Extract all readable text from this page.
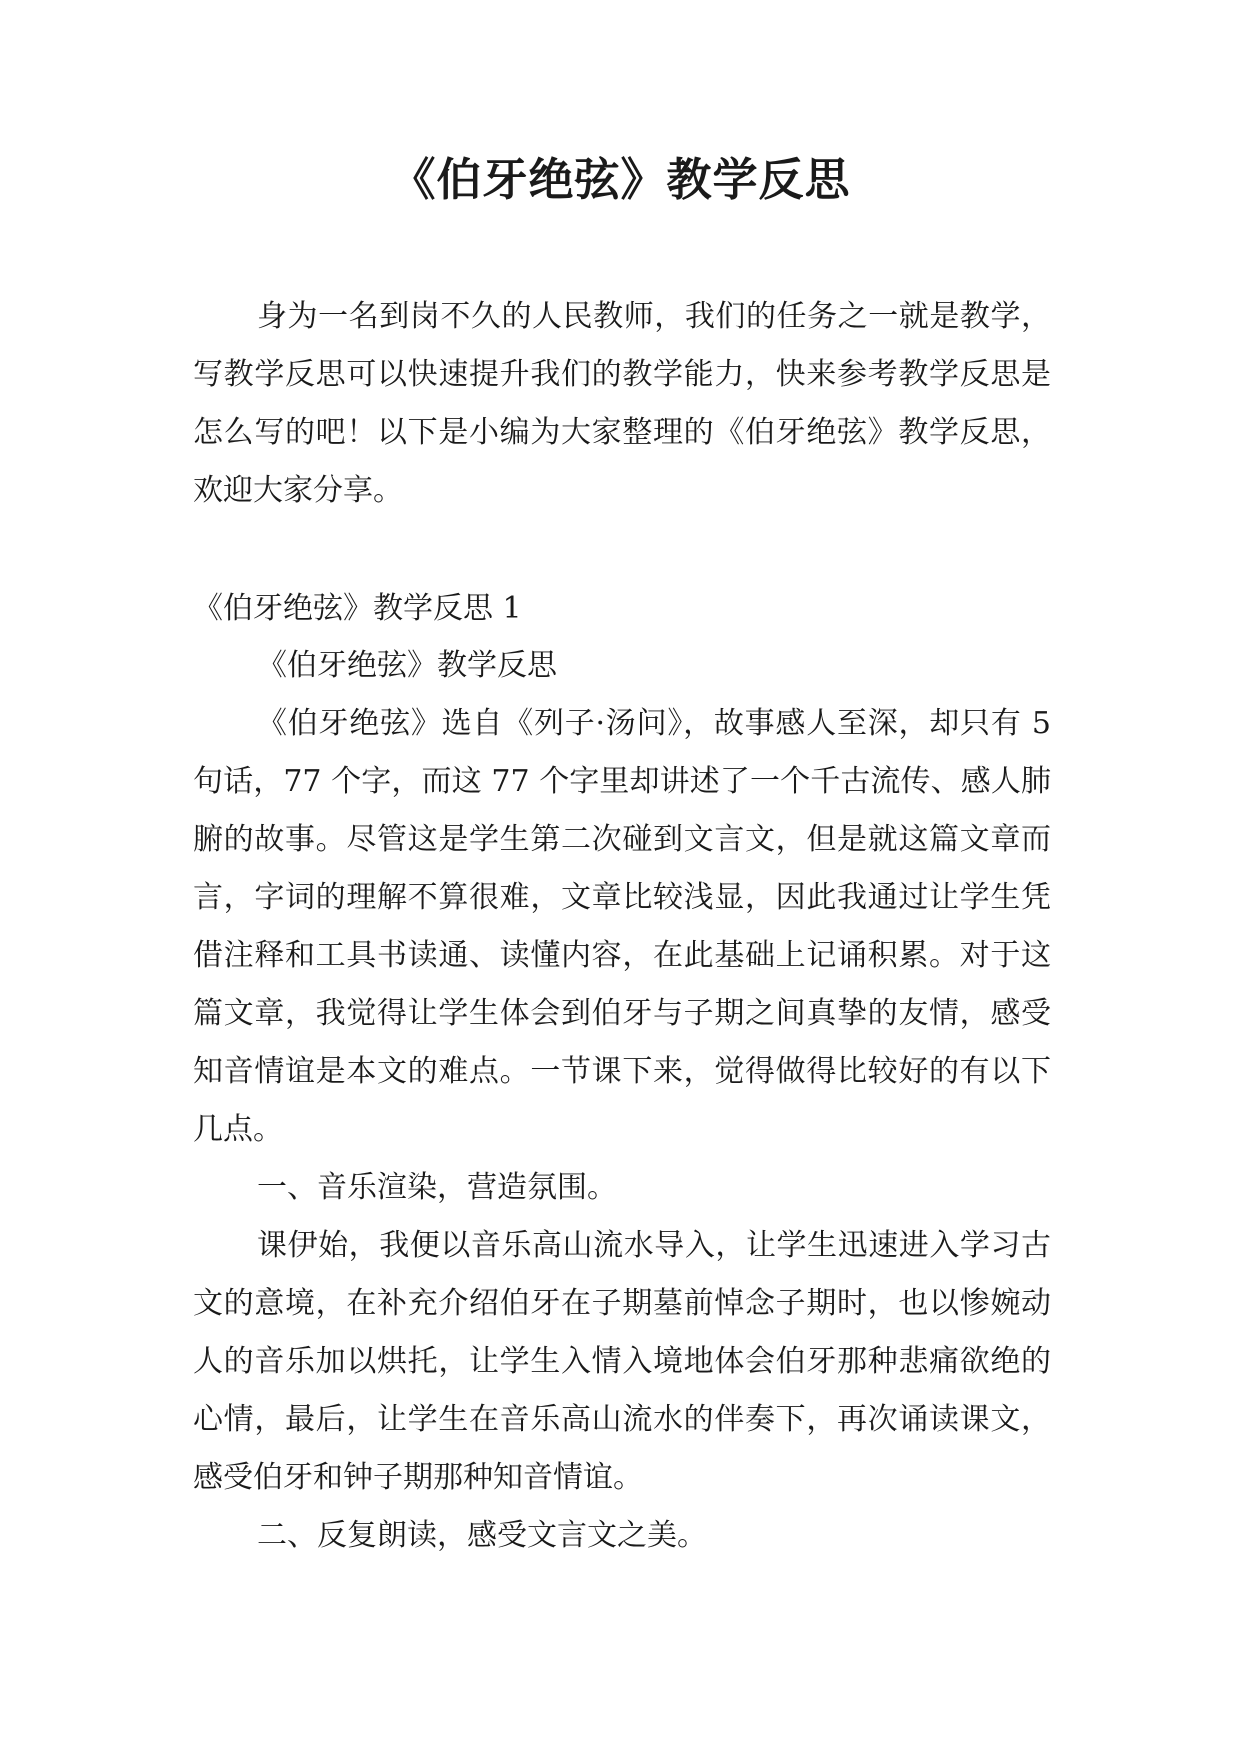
《伯牙绝弦》教学反思

身为一名到岗不久的人民教师，我们的任务之一就是教学，写教学反思可以快速提升我们的教学能力，快来参考教学反思是怎么写的吧！以下是小编为大家整理的《伯牙绝弦》教学反思，欢迎大家分享。

《伯牙绝弦》教学反思 1

《伯牙绝弦》教学反思

《伯牙绝弦》选自《列子·汤问》，故事感人至深，却只有 5 句话，77 个字，而这 77 个字里却讲述了一个千古流传、感人肺腑的故事。尽管这是学生第二次碰到文言文，但是就这篇文章而言，字词的理解不算很难，文章比较浅显，因此我通过让学生凭借注释和工具书读通、读懂内容，在此基础上记诵积累。对于这篇文章，我觉得让学生体会到伯牙与子期之间真挚的友情，感受知音情谊是本文的难点。一节课下来，觉得做得比较好的有以下几点。

一、音乐渲染，营造氛围。

课伊始，我便以音乐高山流水导入，让学生迅速进入学习古文的意境，在补充介绍伯牙在子期墓前悼念子期时，也以惨婉动人的音乐加以烘托，让学生入情入境地体会伯牙那种悲痛欲绝的心情，最后，让学生在音乐高山流水的伴奏下，再次诵读课文，感受伯牙和钟子期那种知音情谊。

二、反复朗读，感受文言文之美。
